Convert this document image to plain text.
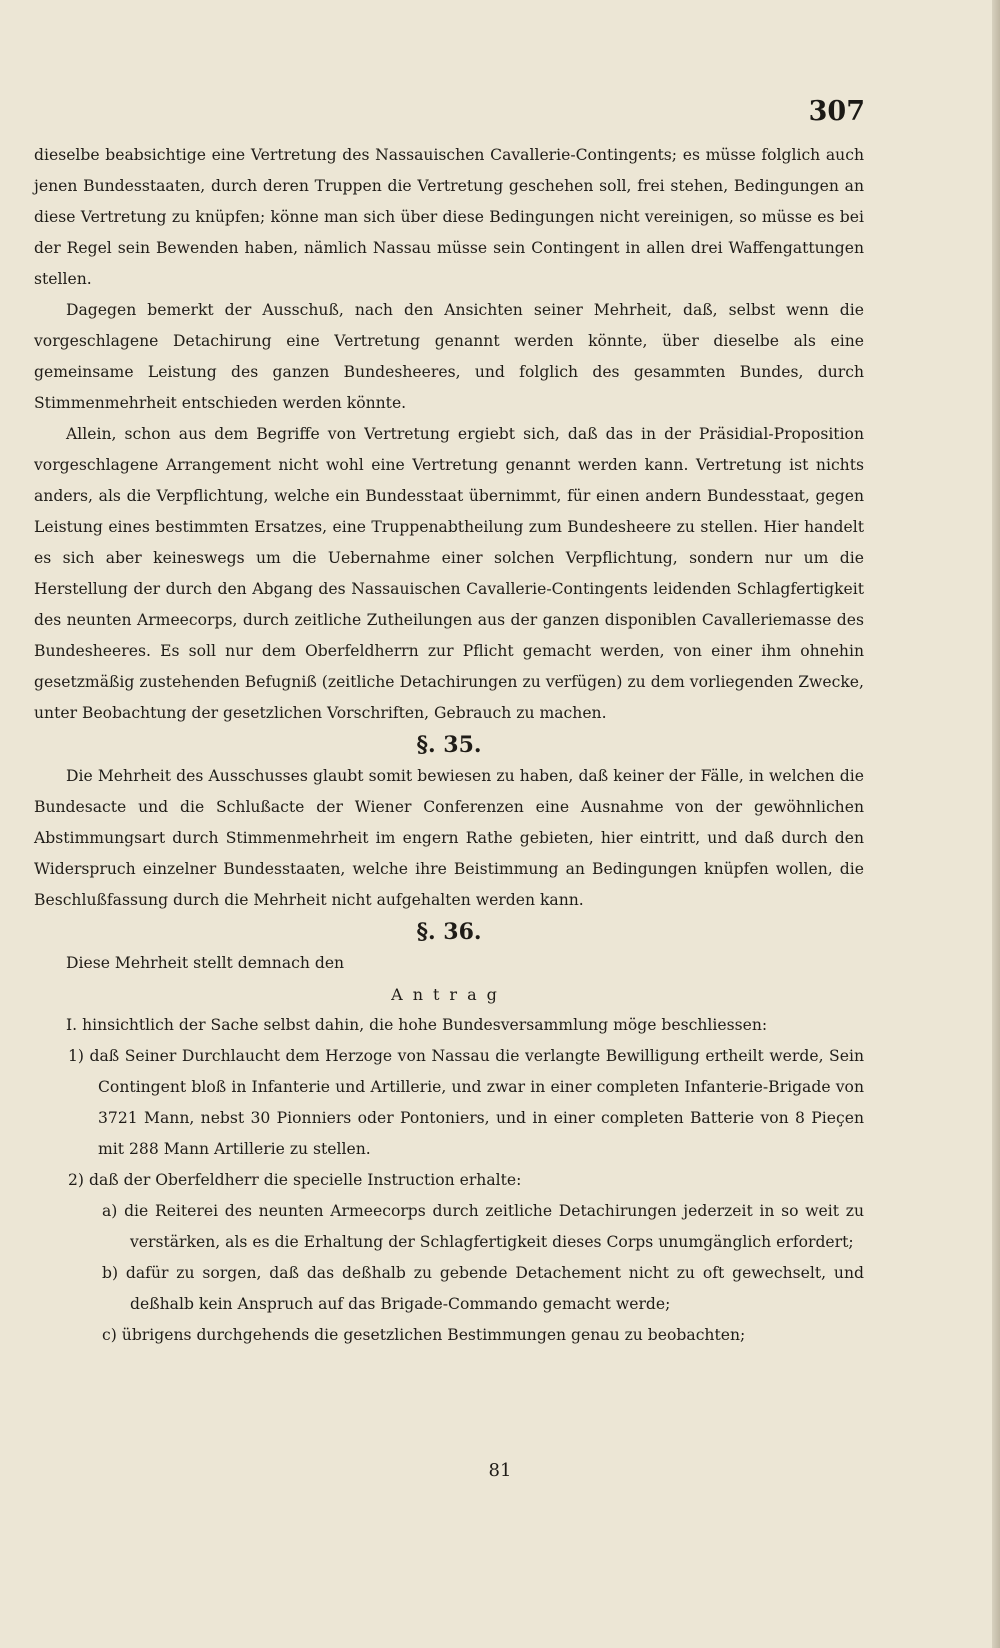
307

dieselbe beabsichtige eine Vertretung des Nassauischen Cavallerie-Contingents; es müsse folglich auch jenen Bundesstaaten, durch deren Truppen die Vertretung geschehen soll, frei stehen, Bedingungen an diese Vertretung zu knüpfen; könne man sich über diese Bedingungen nicht vereinigen, so müsse es bei der Regel sein Bewenden haben, nämlich Nassau müsse sein Contingent in allen drei Waffengattungen stellen.

Dagegen bemerkt der Ausschuß, nach den Ansichten seiner Mehrheit, daß, selbst wenn die vorgeschlagene Detachirung eine Vertretung genannt werden könnte, über dieselbe als eine gemeinsame Leistung des ganzen Bundesheeres, und folglich des gesammten Bundes, durch Stimmenmehrheit entschieden werden könnte.

Allein, schon aus dem Begriffe von Vertretung ergiebt sich, daß das in der Präsidial-Proposition vorgeschlagene Arrangement nicht wohl eine Vertretung genannt werden kann. Vertretung ist nichts anders, als die Verpflichtung, welche ein Bundesstaat übernimmt, für einen andern Bundesstaat, gegen Leistung eines bestimmten Ersatzes, eine Truppenabtheilung zum Bundesheere zu stellen. Hier handelt es sich aber keineswegs um die Uebernahme einer solchen Verpflichtung, sondern nur um die Herstellung der durch den Abgang des Nassauischen Cavallerie-Contingents leidenden Schlagfertigkeit des neunten Armeecorps, durch zeitliche Zutheilungen aus der ganzen disponiblen Cavalleriemasse des Bundesheeres. Es soll nur dem Oberfeldherrn zur Pflicht gemacht werden, von einer ihm ohnehin gesetzmäßig zustehenden Befugniß (zeitliche Detachirungen zu verfügen) zu dem vorliegenden Zwecke, unter Beobachtung der gesetzlichen Vorschriften, Gebrauch zu machen.

§. 35.

Die Mehrheit des Ausschusses glaubt somit bewiesen zu haben, daß keiner der Fälle, in welchen die Bundesacte und die Schlußacte der Wiener Conferenzen eine Ausnahme von der gewöhnlichen Abstimmungsart durch Stimmenmehrheit im engern Rathe gebieten, hier eintritt, und daß durch den Widerspruch einzelner Bundesstaaten, welche ihre Beistimmung an Bedingungen knüpfen wollen, die Beschlußfassung durch die Mehrheit nicht aufgehalten werden kann.

§. 36.

Diese Mehrheit stellt demnach den

Antrag

I. hinsichtlich der Sache selbst dahin, die hohe Bundesversammlung möge beschliessen:

1) daß Seiner Durchlaucht dem Herzoge von Nassau die verlangte Bewilligung ertheilt werde, Sein Contingent bloß in Infanterie und Artillerie, und zwar in einer completen Infanterie-Brigade von 3721 Mann, nebst 30 Pionniers oder Pontoniers, und in einer completen Batterie von 8 Pieçen mit 288 Mann Artillerie zu stellen.

2) daß der Oberfeldherr die specielle Instruction erhalte:

a) die Reiterei des neunten Armeecorps durch zeitliche Detachirungen jederzeit in so weit zu verstärken, als es die Erhaltung der Schlagfertigkeit dieses Corps unumgänglich erfordert;

b) dafür zu sorgen, daß das deßhalb zu gebende Detachement nicht zu oft gewechselt, und deßhalb kein Anspruch auf das Brigade-Commando gemacht werde;

c) übrigens durchgehends die gesetzlichen Bestimmungen genau zu beobachten;

81
